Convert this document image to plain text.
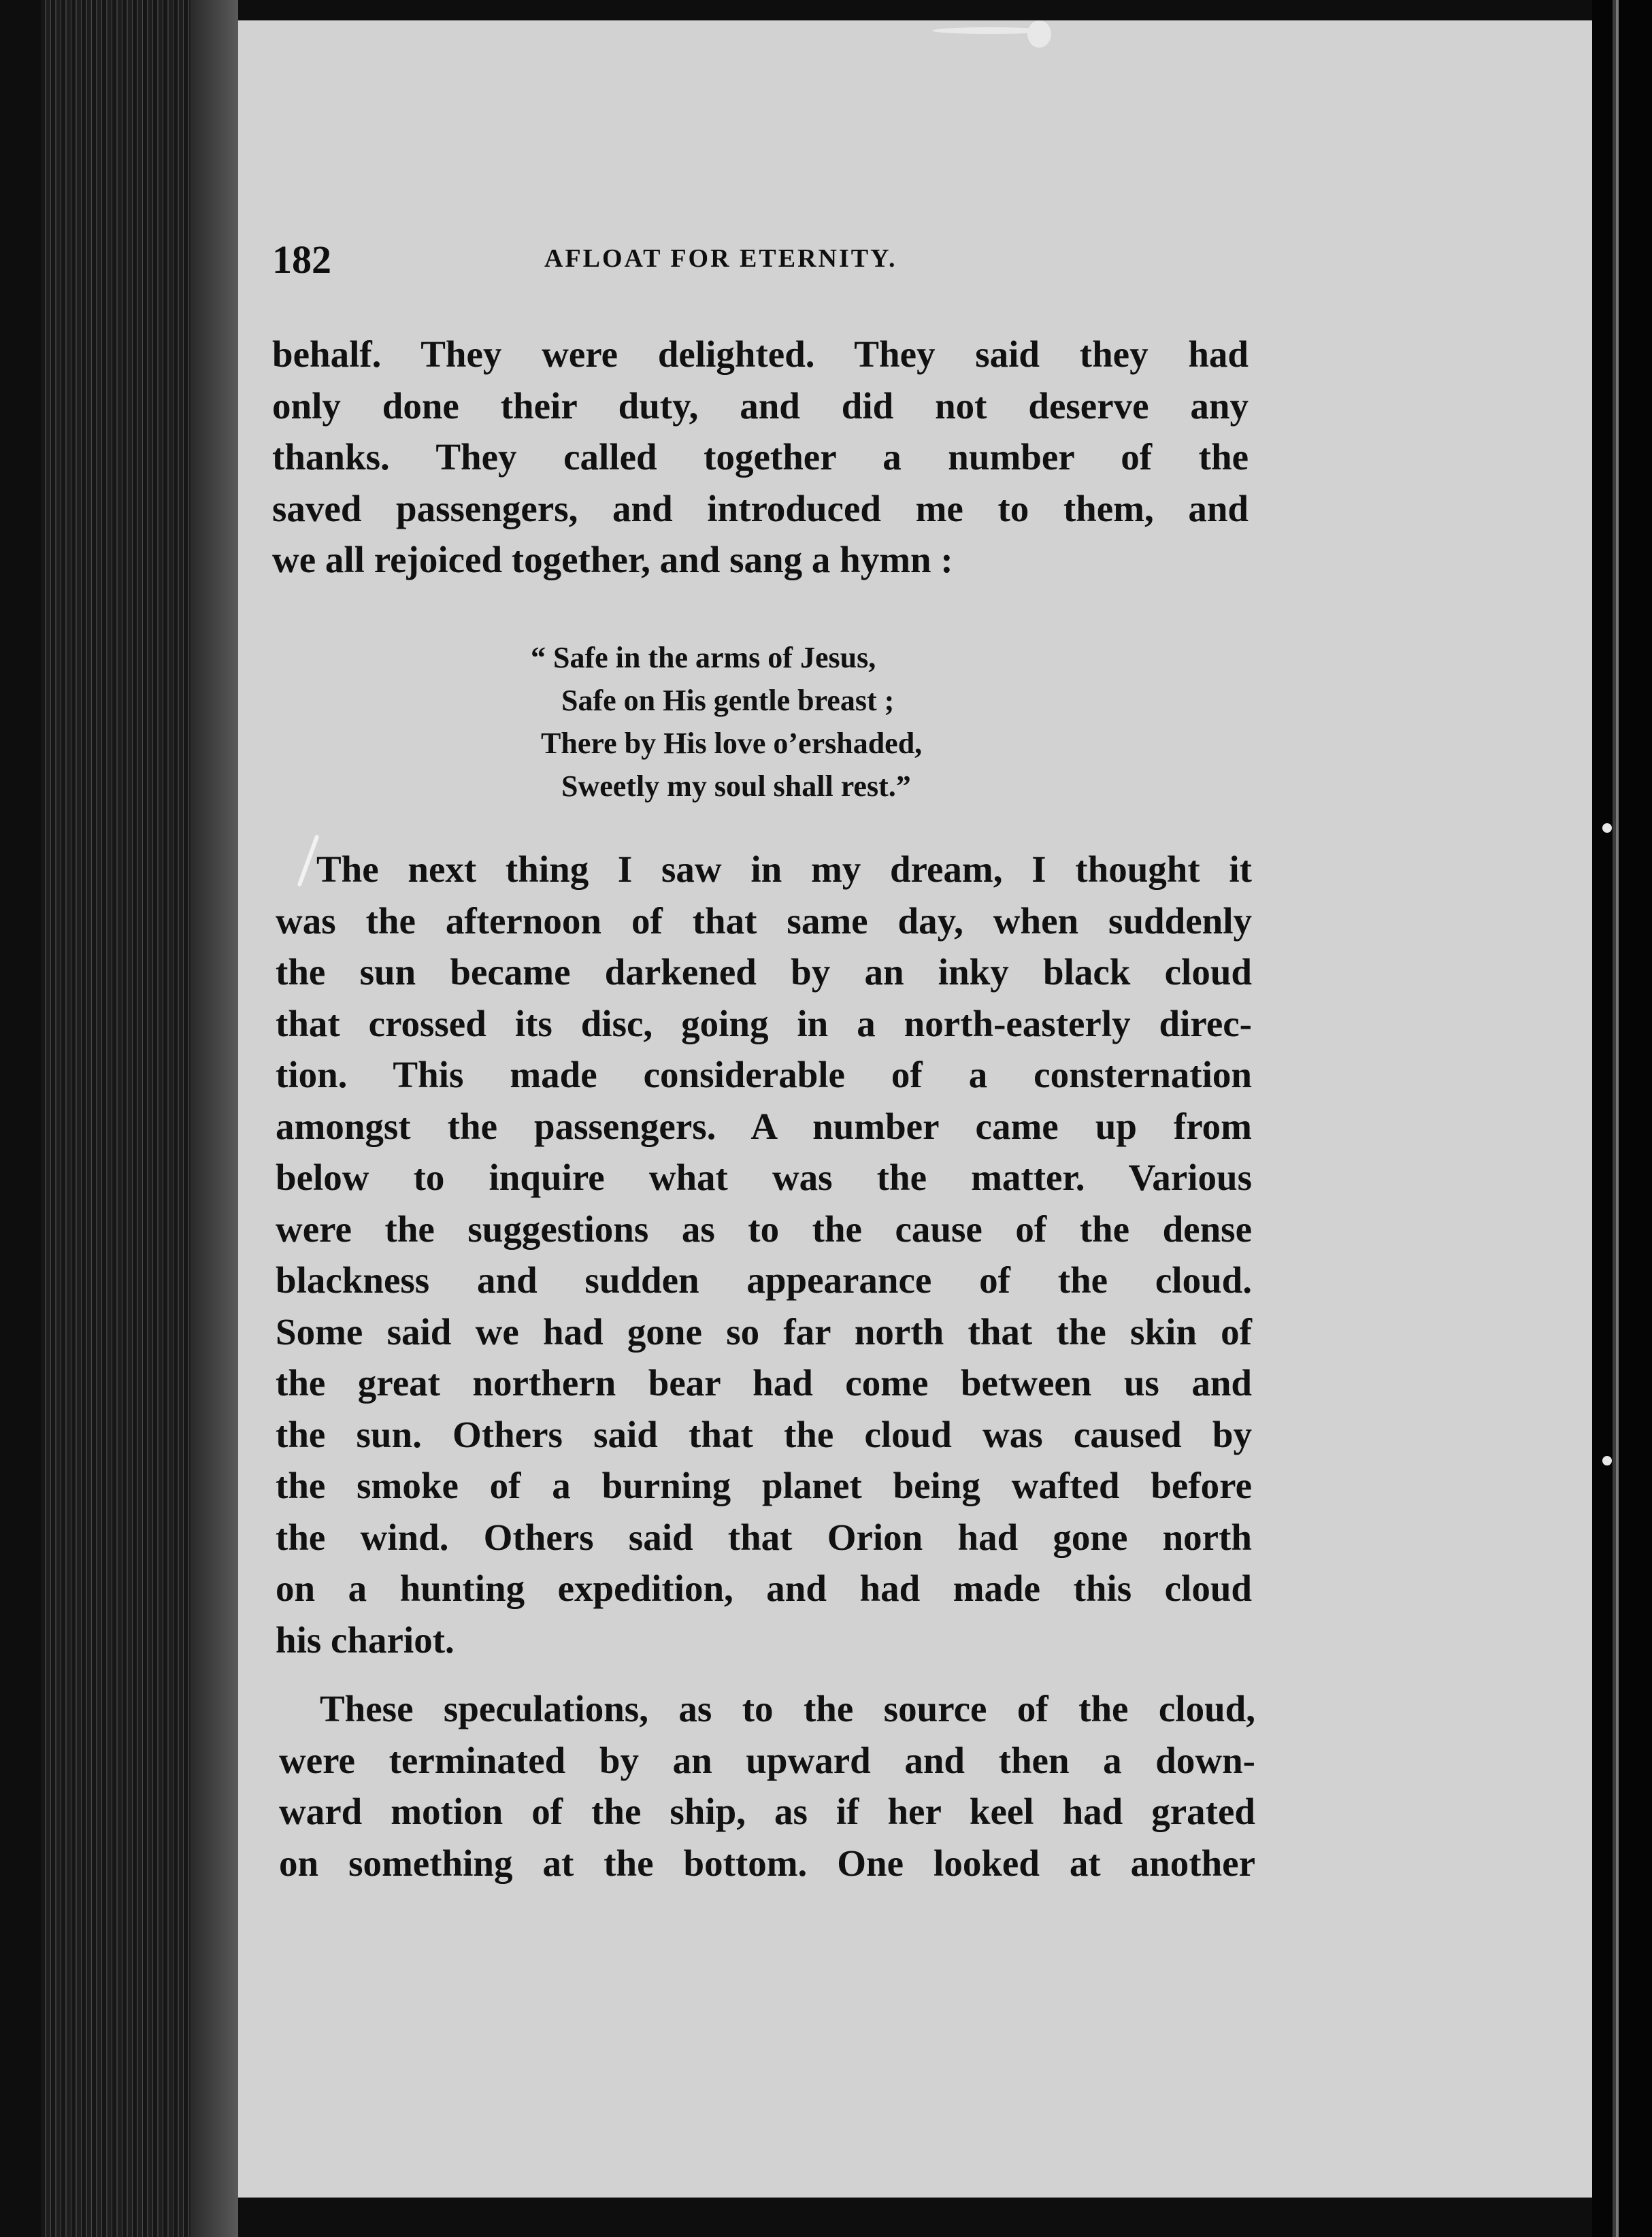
182	AFLOAT FOR ETERNITY.
behalf. They were delighted. They said they had
only done their duty, and did not deserve any
thanks. They called together a number of the
saved passengers, and introduced me to them, and
we all rejoiced together, and sang a hymn :
“ Safe in the arms of Jesus,
Safe on His gentle breast ;
There by His love o’ershaded,
Sweetly my soul shall rest.”
The next thing I saw in my dream, I thought it
was the afternoon of that same day, when suddenly
the sun became darkened by an inky black cloud
that crossed its disc, going in a north-easterly direc-
tion. This made considerable of a consternation
amongst the passengers. A number came up from
below to inquire what was the matter. Various
were the suggestions as to the cause of the dense
blackness and sudden appearance of the cloud.
Some said we had gone so far north that the skin of
the great northern bear had come between us and
the sun. Others said that the cloud was caused by
the smoke of a burning planet being wafted before
the wind. Others said that Orion had gone north
on a hunting expedition, and had made this cloud
his chariot.
These speculations, as to the source of the cloud,
were terminated by an upward and then a down-
ward motion of the ship, as if her keel had grated
on something at the bottom. One looked at another
